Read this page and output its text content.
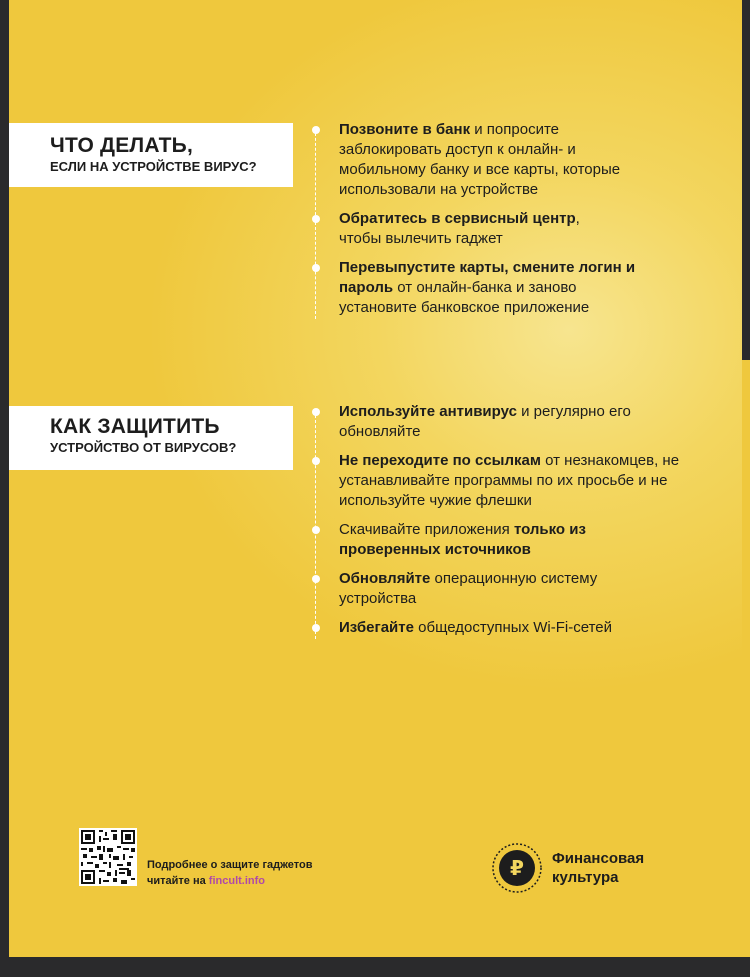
ЧТО ДЕЛАТЬ,
ЕСЛИ НА УСТРОЙСТВЕ ВИРУС?

Позвоните в банк и попросите заблокировать доступ к онлайн- и мобильному банку и все карты, которые использовали на устройстве

Обратитесь в сервисный центр, чтобы вылечить гаджет

Перевыпустите карты, смените логин и пароль от онлайн-банка и заново установите банковское приложение

КАК ЗАЩИТИТЬ
УСТРОЙСТВО ОТ ВИРУСОВ?

Используйте антивирус и регулярно его обновляйте

Не переходите по ссылкам от незнакомцев, не устанавливайте программы по их просьбе и не используйте чужие флешки

Скачивайте приложения только из проверенных источников

Обновляйте операционную систему устройства

Избегайте общедоступных Wi-Fi-сетей

Подробнее о защите гаджетов
читайте на fincult.info
₽ Финансовая
культура
